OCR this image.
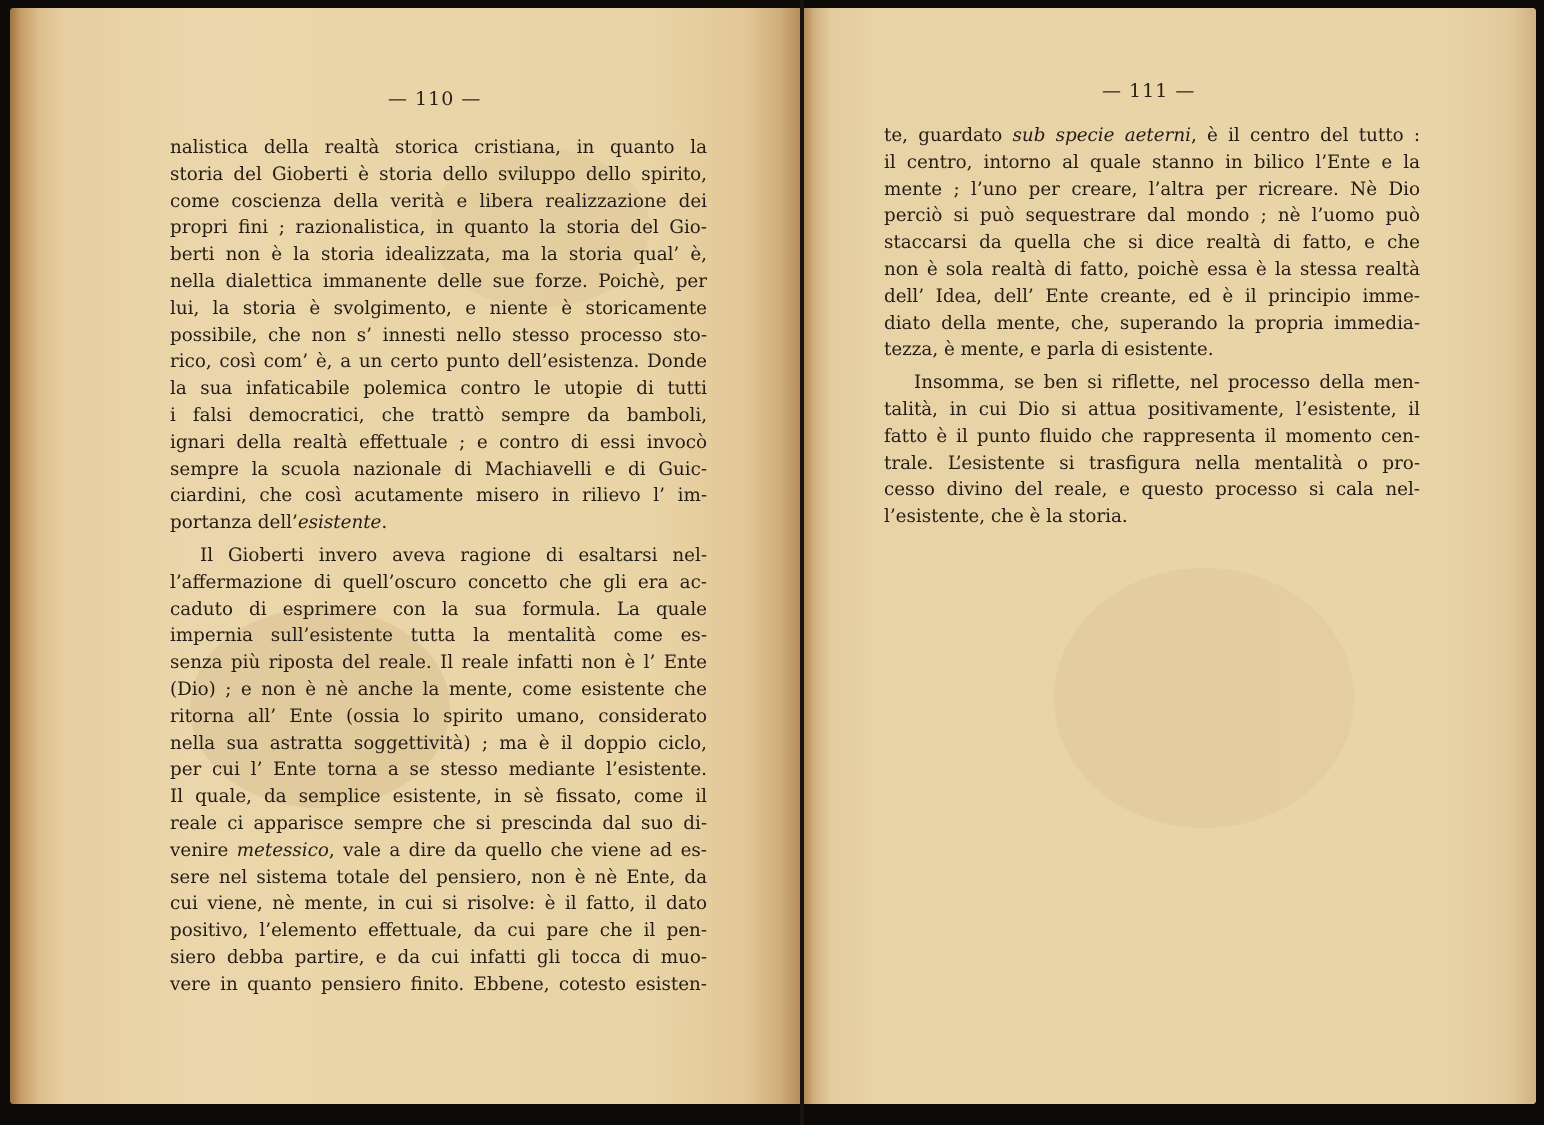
— 110 —
nalistica della realtà storica cristiana, in quanto la
storia del Gioberti è storia dello sviluppo dello spirito,
come coscienza della verità e libera realizzazione dei
propri fini ; razionalistica, in quanto la storia del Gio-
berti non è la storia idealizzata, ma la storia qual’ è,
nella dialettica immanente delle sue forze. Poichè, per
lui, la storia è svolgimento, e niente è storicamente
possibile, che non s’ innesti nello stesso processo sto-
rico, così com’ è, a un certo punto dell’esistenza. Donde
la sua infaticabile polemica contro le utopie di tutti
i falsi democratici, che trattò sempre da bamboli,
ignari della realtà effettuale ; e contro di essi invocò
sempre la scuola nazionale di Machiavelli e di Guic-
ciardini, che così acutamente misero in rilievo l’ im-
portanza dell’esistente.
Il Gioberti invero aveva ragione di esaltarsi nel-
l’affermazione di quell’oscuro concetto che gli era ac-
caduto di esprimere con la sua formula. La quale
impernia sull’esistente tutta la mentalità come es-
senza più riposta del reale. Il reale infatti non è l’ Ente
(Dio) ; e non è nè anche la mente, come esistente che
ritorna all’ Ente (ossia lo spirito umano, considerato
nella sua astratta soggettività) ; ma è il doppio ciclo,
per cui l’ Ente torna a se stesso mediante l’esistente.
Il quale, da semplice esistente, in sè fissato, come il
reale ci apparisce sempre che si prescinda dal suo di-
venire metessico, vale a dire da quello che viene ad es-
sere nel sistema totale del pensiero, non è nè Ente, da
cui viene, nè mente, in cui si risolve: è il fatto, il dato
positivo, l’elemento effettuale, da cui pare che il pen-
siero debba partire, e da cui infatti gli tocca di muo-
vere in quanto pensiero finito. Ebbene, cotesto esisten-
— 111 —
te, guardato sub specie aeterni, è il centro del tutto :
il centro, intorno al quale stanno in bilico l’Ente e la
mente ; l’uno per creare, l’altra per ricreare. Nè Dio
perciò si può sequestrare dal mondo ; nè l’uomo può
staccarsi da quella che si dice realtà di fatto, e che
non è sola realtà di fatto, poichè essa è la stessa realtà
dell’ Idea, dell’ Ente creante, ed è il principio imme-
diato della mente, che, superando la propria immedia-
tezza, è mente, e parla di esistente.
Insomma, se ben si riflette, nel processo della men-
talità, in cui Dio si attua positivamente, l’esistente, il
fatto è il punto fluido che rappresenta il momento cen-
trale. L’esistente si trasfigura nella mentalità o pro-
cesso divino del reale, e questo processo si cala nel-
l’esistente, che è la storia.
